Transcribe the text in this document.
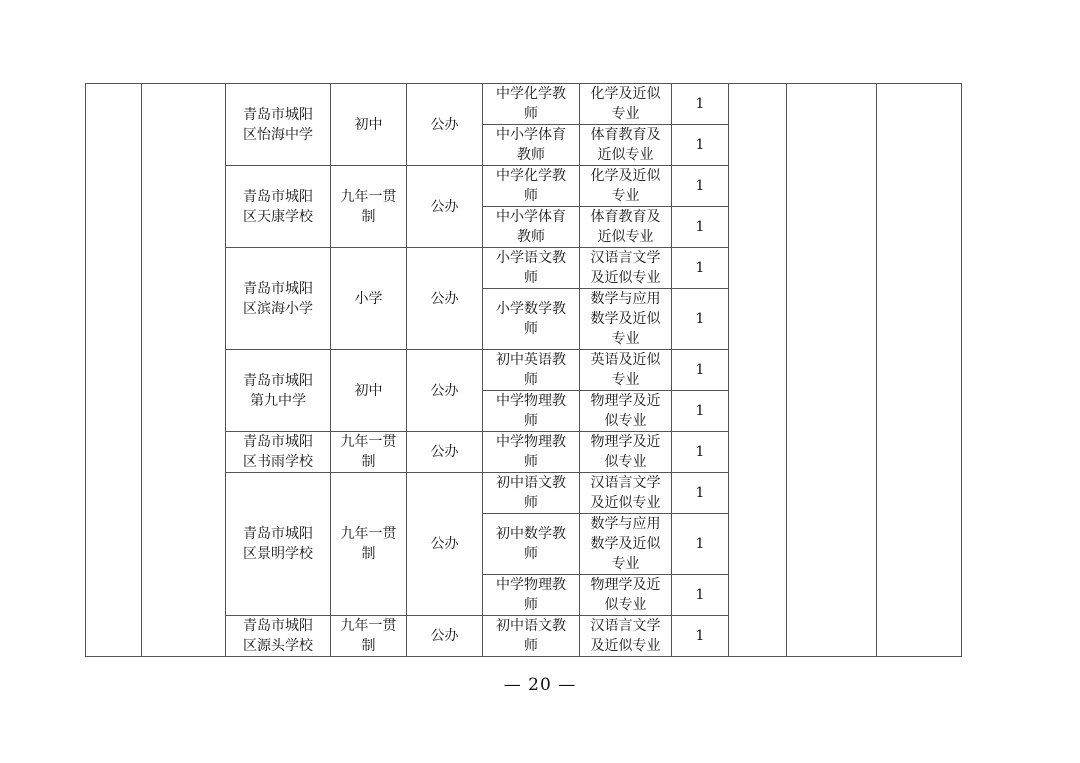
		青岛市城阳
区怡海中学	初中	公办	中学化学教
师	化学及近似
专业	1			
					中小学体育
教师	体育教育及
近似专业	1			
		青岛市城阳
区天康学校	九年一贯
制	公办	中学化学教
师	化学及近似
专业	1			
					中小学体育
教师	体育教育及
近似专业	1			
		青岛市城阳
区滨海小学	小学	公办	小学语文教
师	汉语言文学
及近似专业	1			
					小学数学教
师	数学与应用
数学及近似
专业	1			
		青岛市城阳
第九中学	初中	公办	初中英语教
师	英语及近似
专业	1			
					中学物理教
师	物理学及近
似专业	1			
		青岛市城阳
区书雨学校	九年一贯
制	公办	中学物理教
师	物理学及近
似专业	1			
		青岛市城阳
区景明学校	九年一贯
制	公办	初中语文教
师	汉语言文学
及近似专业	1			
					初中数学教
师	数学与应用
数学及近似
专业	1			
					中学物理教
师	物理学及近
似专业	1			
		青岛市城阳
区源头学校	九年一贯
制	公办	初中语文教
师	汉语言文学
及近似专业	1			
— 20 —
